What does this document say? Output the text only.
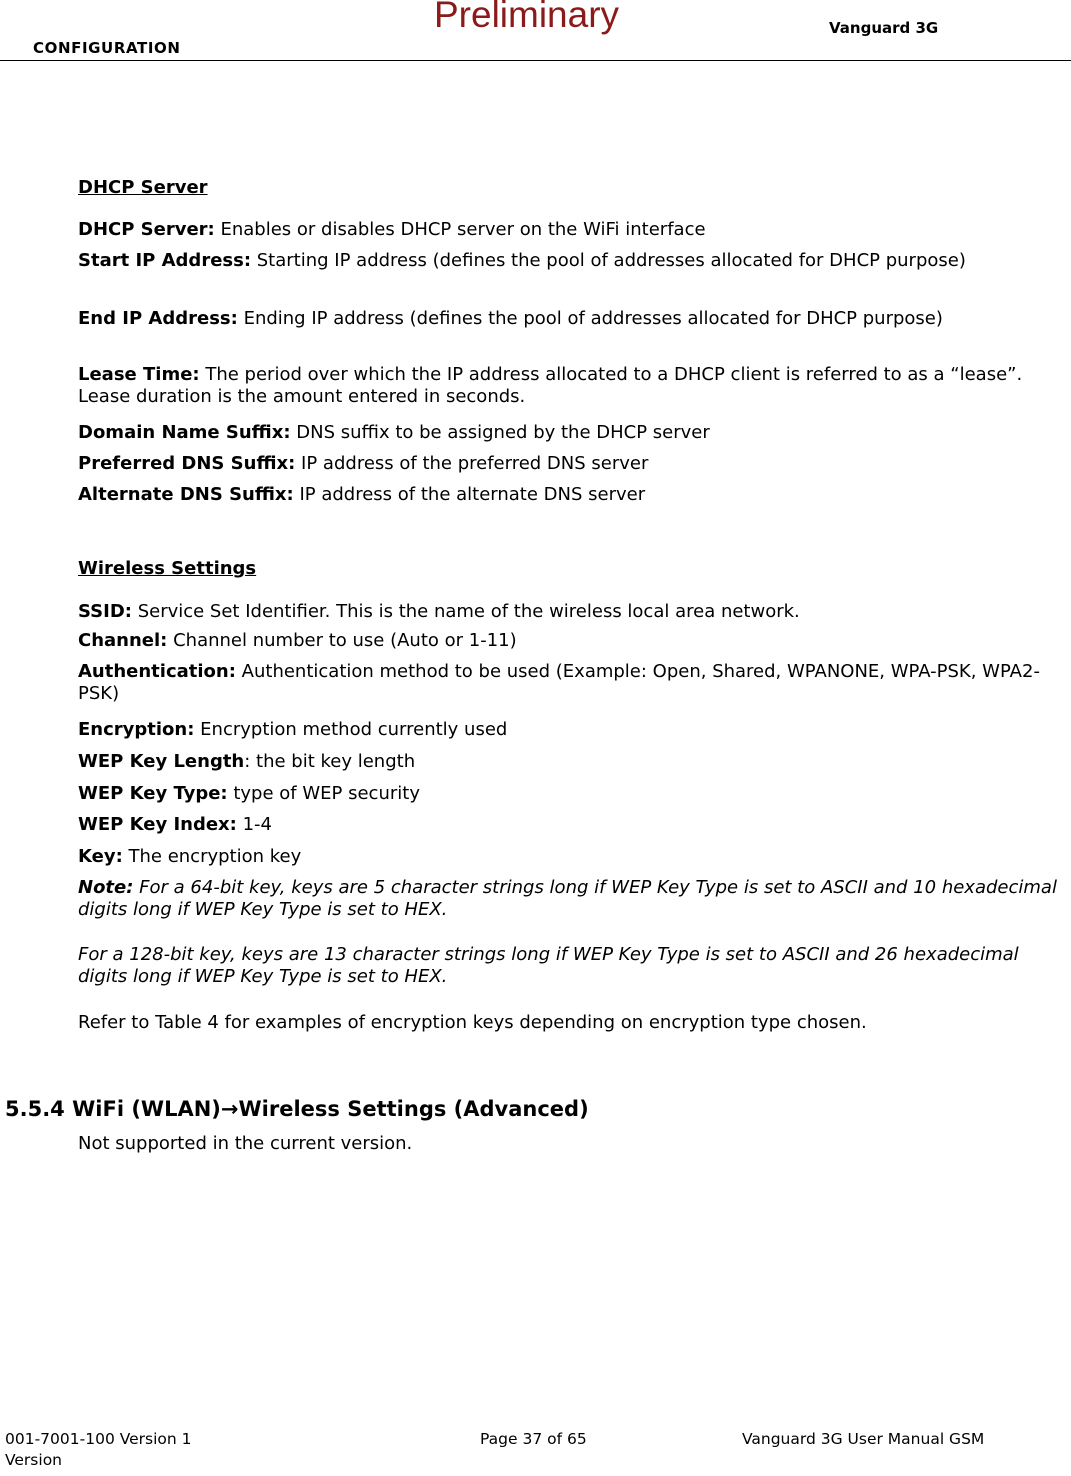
CONFIGURATION
Preliminary	Vanguard 3G
DHCP Server
DHCP Server: Enables or disables DHCP server on the WiFi interface
Start IP Address: Starting IP address (defines the pool of addresses allocated for DHCP purpose)
End IP Address: Ending IP address (defines the pool of addresses allocated for DHCP purpose)
Lease Time: The period over which the IP address allocated to a DHCP client is referred to as a “lease”. Lease duration is the amount entered in seconds.
Domain Name Suffix: DNS suffix to be assigned by the DHCP server
Preferred DNS Suffix: IP address of the preferred DNS server
Alternate DNS Suffix: IP address of the alternate DNS server
Wireless Settings
SSID: Service Set Identifier. This is the name of the wireless local area network.
Channel: Channel number to use (Auto or 1-11)
Authentication: Authentication method to be used (Example: Open, Shared, WPANONE, WPA-PSK, WPA2-PSK)
Encryption: Encryption method currently used
WEP Key Length: the bit key length
WEP Key Type: type of WEP security
WEP Key Index: 1-4
Key: The encryption key
Note: For a 64-bit key, keys are 5 character strings long if WEP Key Type is set to ASCII and 10 hexadecimal digits long if WEP Key Type is set to HEX.
For a 128-bit key, keys are 13 character strings long if WEP Key Type is set to ASCII and 26 hexadecimal digits long if WEP Key Type is set to HEX.
Refer to Table 4 for examples of encryption keys depending on encryption type chosen.
5.5.4 WiFi (WLAN)→Wireless Settings (Advanced)
Not supported in the current version.
001-7001-100 Version 1	Page 37 of 65	Vanguard 3G User Manual GSM
Version
